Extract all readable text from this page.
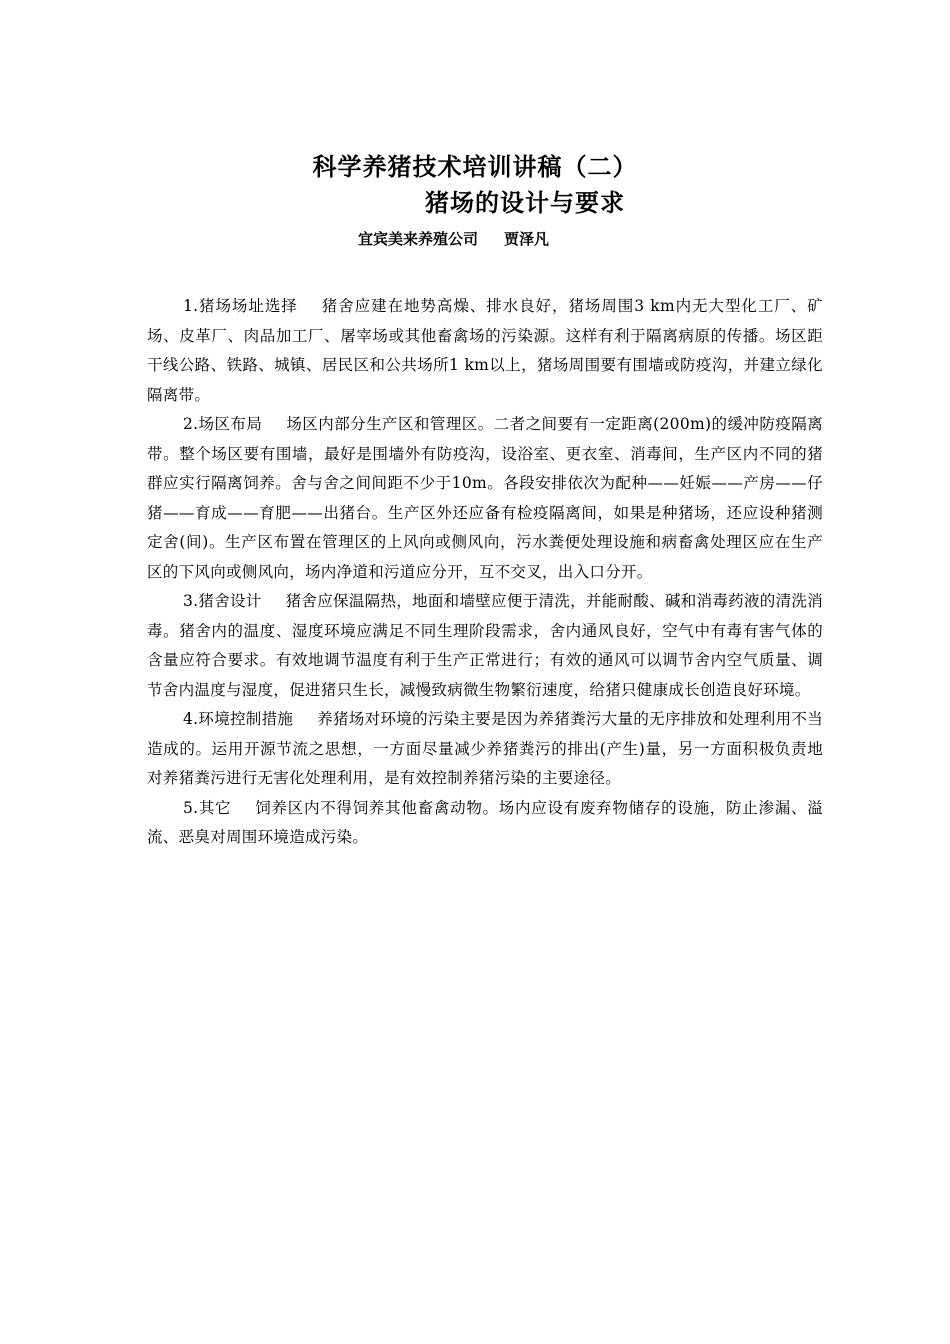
科学养猪技术培训讲稿（二）
猪场的设计与要求
宜宾美来养殖公司 贾泽凡

1.猪场场址选择 猪舍应建在地势高燥、排水良好，猪场周围3 km内无大型化工厂、矿场、皮革厂、肉品加工厂、屠宰场或其他畜禽场的污染源。这样有利于隔离病原的传播。场区距干线公路、铁路、城镇、居民区和公共场所1 km以上，猪场周围要有围墙或防疫沟，并建立绿化隔离带。

2.场区布局 场区内部分生产区和管理区。二者之间要有一定距离(200m)的缓冲防疫隔离带。整个场区要有围墙，最好是围墙外有防疫沟，设浴室、更衣室、消毒间，生产区内不同的猪群应实行隔离饲养。舍与舍之间间距不少于10m。各段安排依次为配种——妊娠——产房——仔猪——育成——育肥——出猪台。生产区外还应备有检疫隔离间，如果是种猪场，还应设种猪测定舍(间)。生产区布置在管理区的上风向或侧风向，污水粪便处理设施和病畜禽处理区应在生产区的下风向或侧风向，场内净道和污道应分开，互不交叉，出入口分开。

3.猪舍设计 猪舍应保温隔热，地面和墙壁应便于清洗，并能耐酸、碱和消毒药液的清洗消毒。猪舍内的温度、湿度环境应满足不同生理阶段需求，舍内通风良好，空气中有毒有害气体的含量应符合要求。有效地调节温度有利于生产正常进行；有效的通风可以调节舍内空气质量、调节舍内温度与湿度，促进猪只生长，减慢致病微生物繁衍速度，给猪只健康成长创造良好环境。

4.环境控制措施 养猪场对环境的污染主要是因为养猪粪污大量的无序排放和处理利用不当造成的。运用开源节流之思想，一方面尽量减少养猪粪污的排出(产生)量，另一方面积极负责地对养猪粪污进行无害化处理利用，是有效控制养猪污染的主要途径。

5.其它 饲养区内不得饲养其他畜禽动物。场内应设有废弃物储存的设施，防止渗漏、溢流、恶臭对周围环境造成污染。
